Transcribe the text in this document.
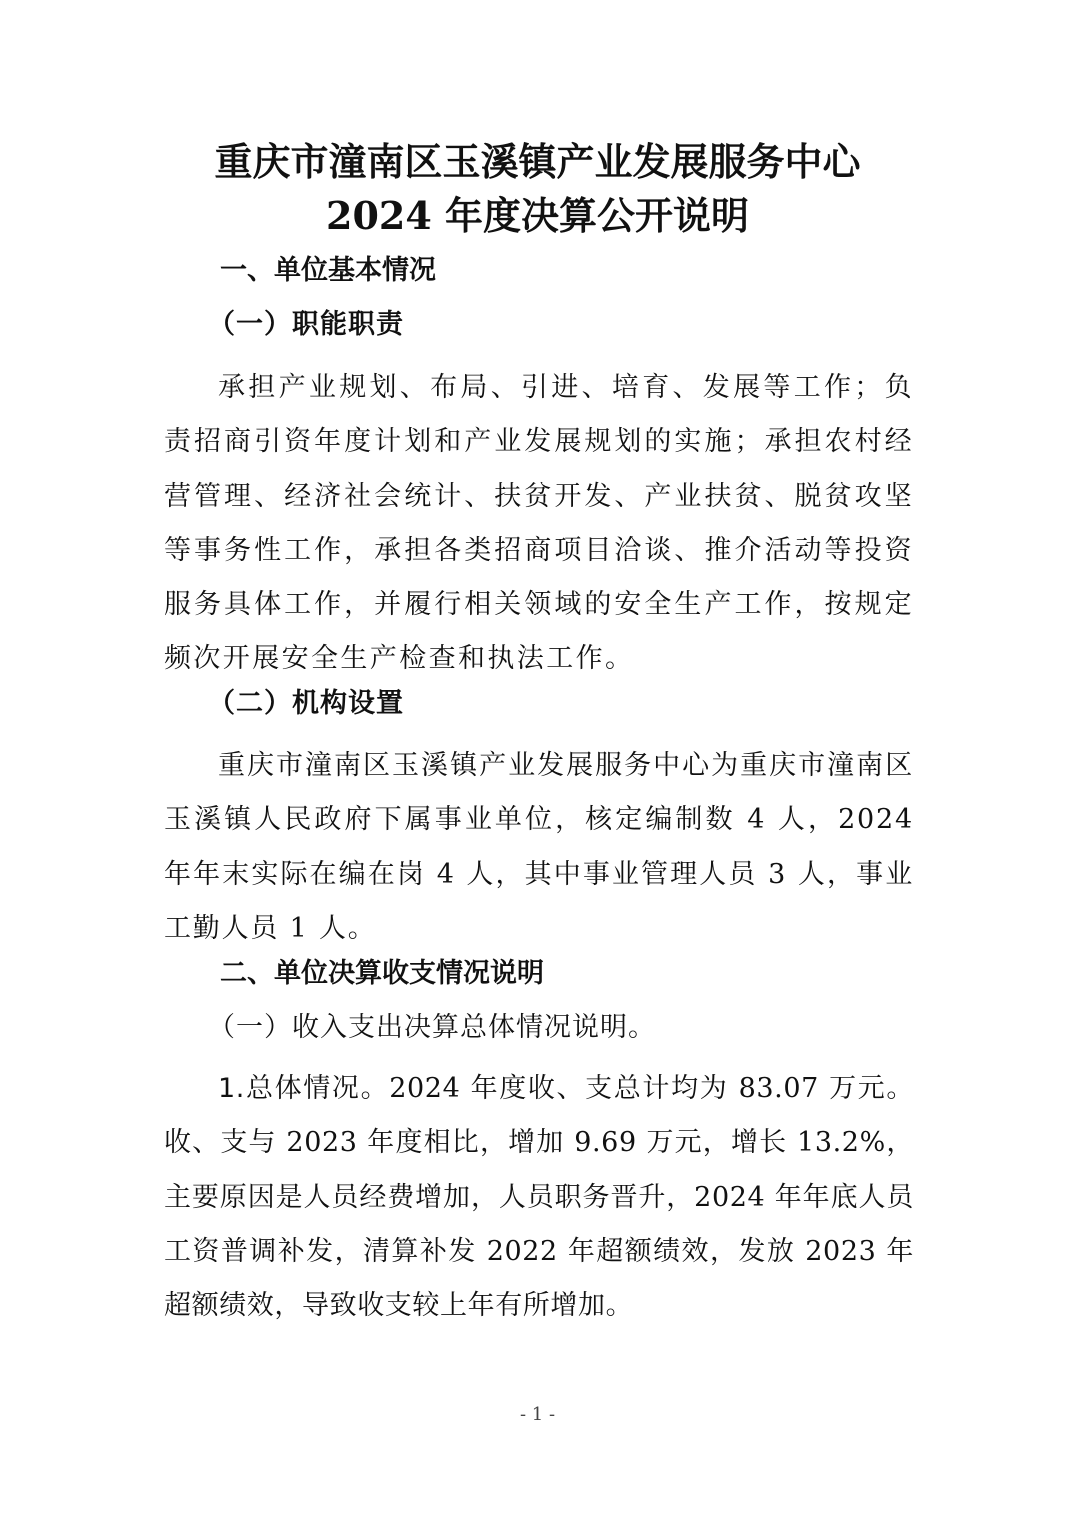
重庆市潼南区玉溪镇产业发展服务中心
2024 年度决算公开说明
一、单位基本情况
（一）职能职责
承担产业规划、布局、引进、培育、发展等工作；负责招商引资年度计划和产业发展规划的实施；承担农村经营管理、经济社会统计、扶贫开发、产业扶贫、脱贫攻坚等事务性工作，承担各类招商项目洽谈、推介活动等投资服务具体工作，并履行相关领域的安全生产工作，按规定频次开展安全生产检查和执法工作。
（二）机构设置
重庆市潼南区玉溪镇产业发展服务中心为重庆市潼南区玉溪镇人民政府下属事业单位，核定编制数 4 人，2024 年年末实际在编在岗 4 人，其中事业管理人员 3 人，事业工勤人员 1 人。
二、单位决算收支情况说明
（一）收入支出决算总体情况说明。
1.总体情况。2024 年度收、支总计均为 83.07 万元。收、支与 2023 年度相比，增加 9.69 万元，增长 13.2%，主要原因是人员经费增加，人员职务晋升，2024 年年底人员工资普调补发，清算补发 2022 年超额绩效，发放 2023 年超额绩效，导致收支较上年有所增加。
- 1 -
